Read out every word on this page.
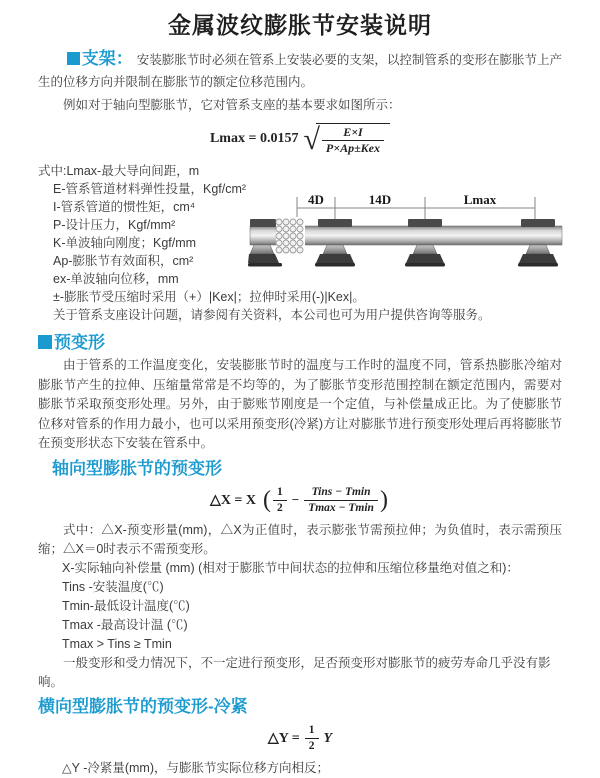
金属波纹膨胀节安装说明

支架： 安装膨胀节时必须在管系上安装必要的支架，以控制管系的变形在膨胀节上产生的位移方向并限制在膨胀节的额定位移范围内。

例如对于轴向型膨胀节，它对管系支座的基本要求如图所示：

Lmax = 0.0157 √ $\frac{E\times I}{\text{P×Ap±Kex}}$
式中:Lmax-最大导向间距，m
E-管系管道材料弹性投量，Kgf/cm²
I-管系管道的惯性矩，cm⁴
P-设计压力，Kgf/mm²
K-单波轴向刚度；Kgf/mm
Ap-膨胀节有效面积，cm²
ex-单波轴向位移，mm
±-膨胀节受压缩时采用（+）|Kex|；拉伸时采用(-)|Kex|。
关于管系支座设计问题，请参阅有关资料，本公司也可为用户提供咨询等服务。
预变形

由于管系的工作温度变化，安装膨胀节时的温度与工作时的温度不同，管系热膨胀冷缩对膨胀节产生的拉伸、压缩量常常是不均等的，为了膨胀节变形范围控制在额定范围内，需要对膨胀节采取预变形处理。另外，由于膨账节刚度是一个定值，与补偿量成正比。为了使膨胀节位移对管系的作用力最小，也可以采用预变形(冷紧)方让对膨胀节进行预变形处理后再将膨胀节在预变形状态下安装在管系中。

轴向型膨胀节的预变形
△X = X ( $\frac{1}{2} - \frac{\text{Tins − Tmin}}{Tmax - Tmin}$ )

式中：△X-预变形量(mm)，△X为正值时，表示膨张节需预拉伸；为负值时，表示需预压缩；△X＝0时表示不需预变形。

X-实际轴向补偿量 (mm) (相对于膨胀节中间状态的拉伸和压缩位移量绝对值之和)：

Tins -安装温度(℃)

Tmin-最低设计温度(℃)

Tmax -最高设计温 (℃)

Tmax > Tins ≥ Tmin

一般变形和受力情况下，不一定进行预变形，足否预变形对膨胀节的疲劳寿命几乎没有影响。

横向型膨胀节的预变形-冷紧
△Y = $\frac{1}{2}$ Y

△Y -冷紧量(mm)，与膨胀节实际位移方向相反；

4D	14D	Lmax
